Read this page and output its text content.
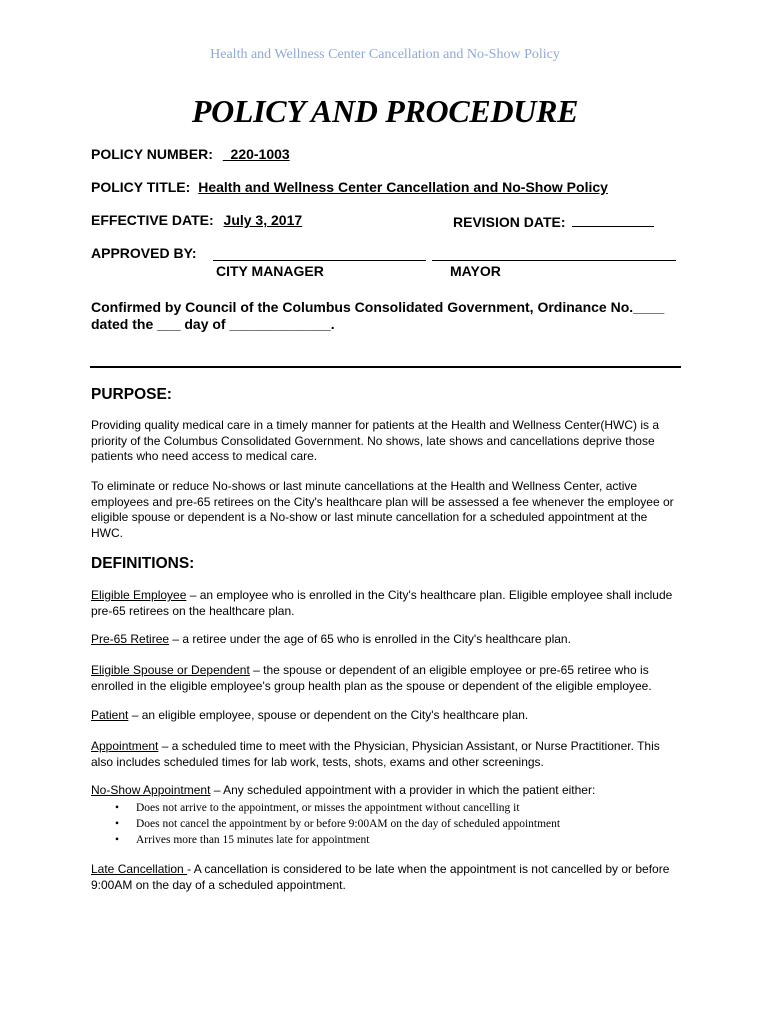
Health and Wellness Center Cancellation and No-Show Policy
POLICY AND PROCEDURE
POLICY NUMBER: 220-1003
POLICY TITLE: Health and Wellness Center Cancellation and No-Show Policy
EFFECTIVE DATE: July 3, 2017	REVISION DATE:
APPROVED BY:
CITY MANAGER	MAYOR
Confirmed by Council of the Columbus Consolidated Government, Ordinance No.____
dated the ___ day of _____________.
PURPOSE:
Providing quality medical care in a timely manner for patients at the Health and Wellness Center(HWC) is a priority of the Columbus Consolidated Government. No shows, late shows and cancellations deprive those patients who need access to medical care.
To eliminate or reduce No-shows or last minute cancellations at the Health and Wellness Center, active employees and pre-65 retirees on the City's healthcare plan will be assessed a fee whenever the employee or eligible spouse or dependent is a No-show or last minute cancellation for a scheduled appointment at the HWC.
DEFINITIONS:
Eligible Employee – an employee who is enrolled in the City's healthcare plan. Eligible employee shall include pre-65 retirees on the healthcare plan.
Pre-65 Retiree – a retiree under the age of 65 who is enrolled in the City's healthcare plan.
Eligible Spouse or Dependent – the spouse or dependent of an eligible employee or pre-65 retiree who is enrolled in the eligible employee's group health plan as the spouse or dependent of the eligible employee.
Patient – an eligible employee, spouse or dependent on the City's healthcare plan.
Appointment – a scheduled time to meet with the Physician, Physician Assistant, or Nurse Practitioner. This also includes scheduled times for lab work, tests, shots, exams and other screenings.
No-Show Appointment – Any scheduled appointment with a provider in which the patient either:
• Does not arrive to the appointment, or misses the appointment without cancelling it
• Does not cancel the appointment by or before 9:00AM on the day of scheduled appointment
• Arrives more than 15 minutes late for appointment
Late Cancellation - A cancellation is considered to be late when the appointment is not cancelled by or before 9:00AM on the day of a scheduled appointment.
